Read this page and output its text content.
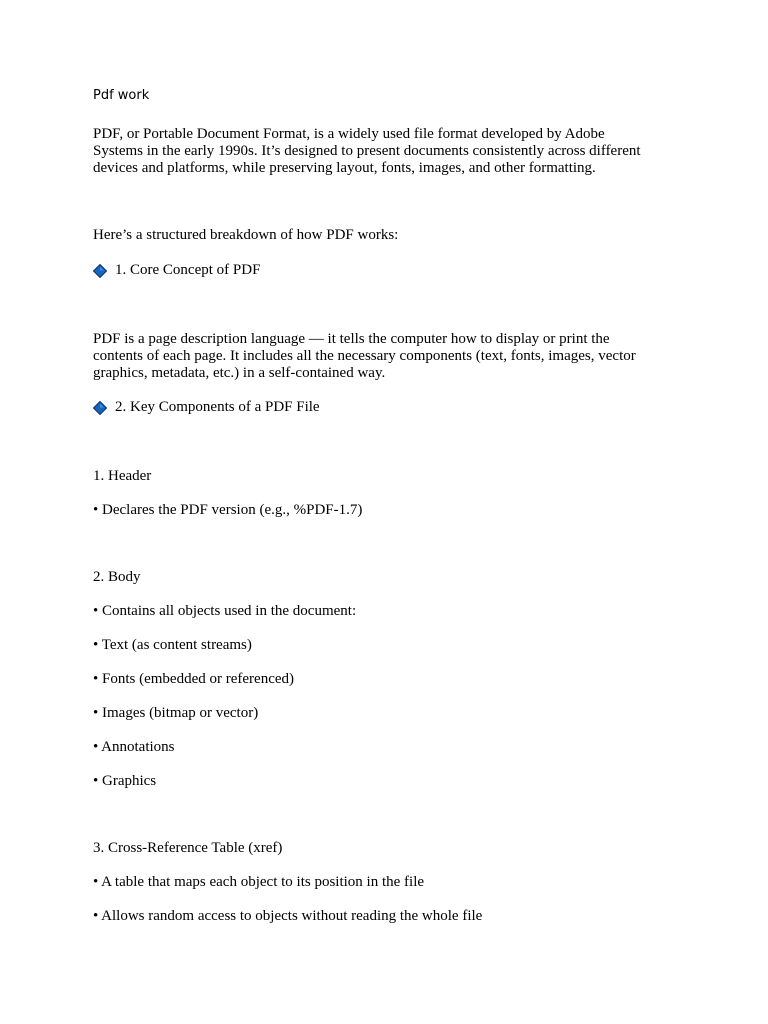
Pdf work

PDF, or Portable Document Format, is a widely used file format developed by Adobe
Systems in the early 1990s. It’s designed to present documents consistently across different
devices and platforms, while preserving layout, fonts, images, and other formatting.

Here’s a structured breakdown of how PDF works:

1. Core Concept of PDF
PDF is a page description language — it tells the computer how to display or print the
contents of each page. It includes all the necessary components (text, fonts, images, vector
graphics, metadata, etc.) in a self-contained way.
2. Key Components of a PDF File

1. Header

• Declares the PDF version (e.g., %PDF-1.7)

2. Body

• Contains all objects used in the document:

• Text (as content streams)

• Fonts (embedded or referenced)

• Images (bitmap or vector)

• Annotations

• Graphics

3. Cross-Reference Table (xref)

• A table that maps each object to its position in the file

• Allows random access to objects without reading the whole file
